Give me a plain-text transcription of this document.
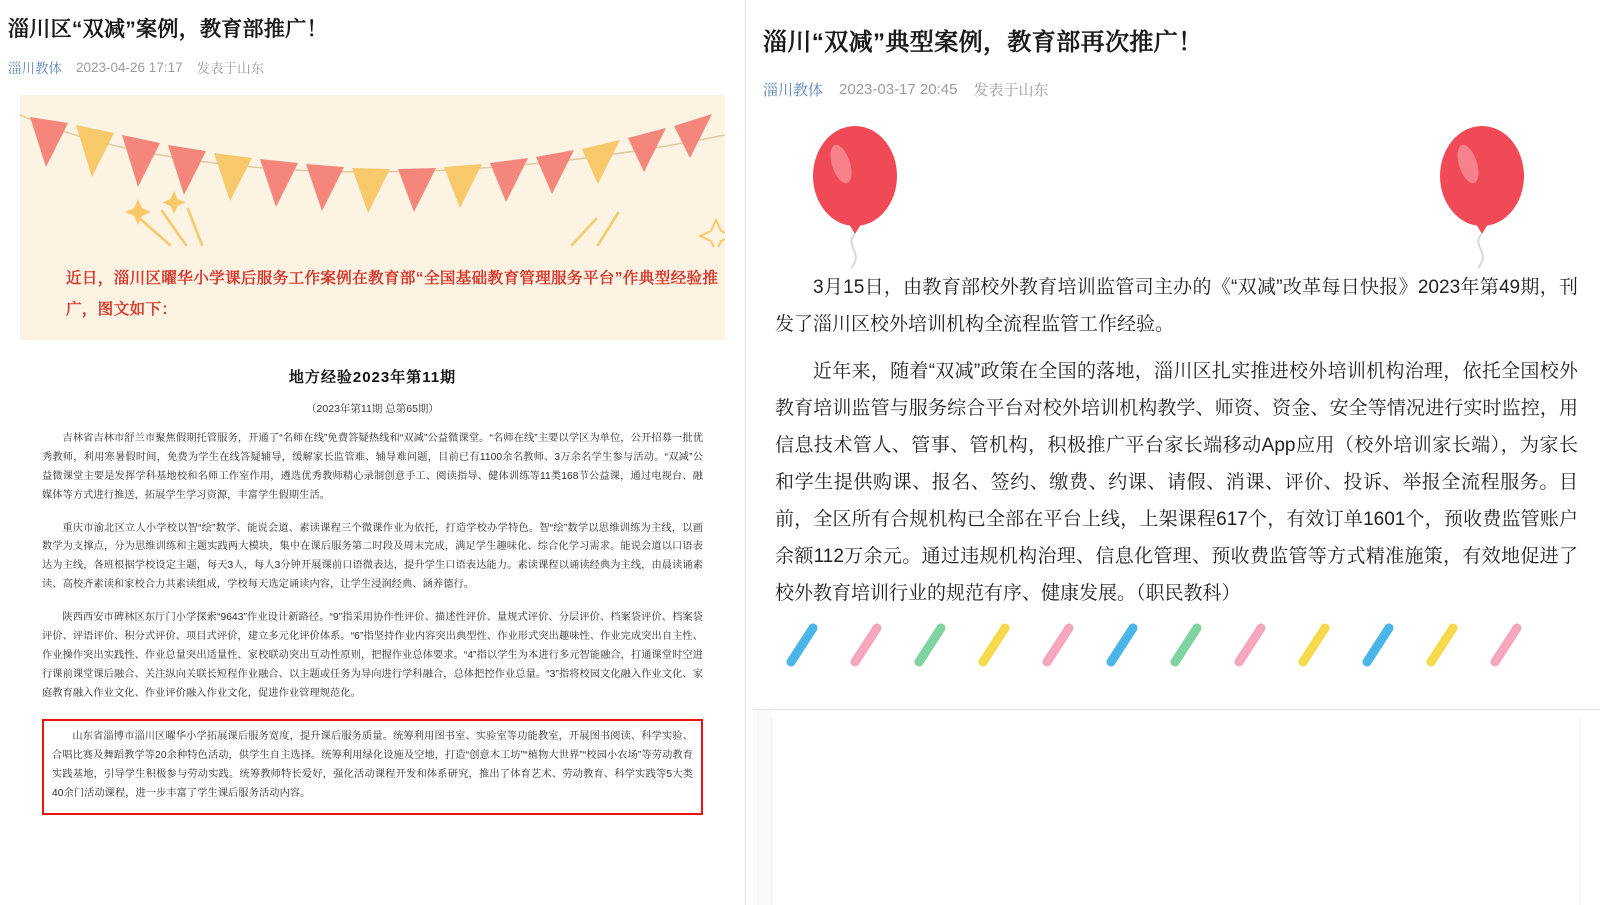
淄川区“双减”案例，教育部推广！
淄川教体 2023-04-26 17:17 发表于山东
近日，淄川区曜华小学课后服务工作案例在教育部“全国基础教育管理服务平台”作典型经验推广，图文如下：
地方经验2023年第11期
（2023年第11期 总第65期）
吉林省吉林市舒兰市聚焦假期托管服务，开通了“名师在线”免费答疑热线和“双减”公益微课堂。“名师在线”主要以学区为单位，公开招募一批优秀教师，利用寒暑假时间，免费为学生在线答疑辅导，缓解家长监管难、辅导难问题，目前已有1100余名教师、3万余名学生参与活动。“双减”公益微课堂主要是发挥学科基地校和名师工作室作用，遴选优秀教师精心录制创意手工、阅读指导、健体训练等11类168节公益课，通过电视台、融媒体等方式进行推送，拓展学生学习资源，丰富学生假期生活。
重庆市渝北区立人小学校以智“绘”数学、能说会道、素读课程三个微课作业为依托，打造学校办学特色。智“绘”数学以思维训练为主线，以画数学为支撑点，分为思维训练和主题实践两大模块，集中在课后服务第二时段及周末完成，满足学生趣味化、综合化学习需求。能说会道以口语表达为主线，各班根据学校设定主题，每天3人，每人3分钟开展课前口语微表达，提升学生口语表达能力。素读课程以诵读经典为主线，由晨读诵素读、高校齐素读和家校合力共素读组成，学校每天选定诵读内容，让学生浸润经典、涵养德行。
陕西西安市碑林区东厅门小学探索“9643”作业设计新路径。“9”指采用协作性评价、描述性评价、量规式评价、分层评价、档案袋评价、档案袋评价、评语评价、积分式评价、项目式评价，建立多元化评价体系。“6”指坚持作业内容突出典型性、作业形式突出趣味性、作业完成突出自主性、作业操作突出实践性、作业总量突出适量性、家校联动突出互动性原则，把握作业总体要求。“4”指以学生为本进行多元智能融合，打通课堂时空进行课前课堂课后融合、关注纵向关联长短程作业融合、以主题或任务为导向进行学科融合，总体把控作业总量。“3”指将校园文化融入作业文化、家庭教育融入作业文化、作业评价融入作业文化，促进作业管理规范化。
山东省淄博市淄川区曜华小学拓展课后服务宽度，提升课后服务质量。统筹利用图书室、实验室等功能教室，开展图书阅读、科学实验、合唱比赛及舞蹈教学等20余种特色活动，供学生自主选择。统筹利用绿化设施及空地，打造“创意木工坊”“植物大世界”“校园小农场”等劳动教育实践基地，引导学生积极参与劳动实践。统筹教师特长爱好，强化活动课程开发和体系研究，推出了体育艺术、劳动教育、科学实践等5大类40余门活动课程，进一步丰富了学生课后服务活动内容。
淄川“双减”典型案例，教育部再次推广！
淄川教体 2023-03-17 20:45 发表于山东

3月15日，由教育部校外教育培训监管司主办的《“双减”改革每日快报》2023年第49期，刊发了淄川区校外培训机构全流程监管工作经验。

近年来，随着“双减”政策在全国的落地，淄川区扎实推进校外培训机构治理，依托全国校外教育培训监管与服务综合平台对校外培训机构教学、师资、资金、安全等情况进行实时监控，用信息技术管人、管事、管机构，积极推广平台家长端移动App应用（校外培训家长端），为家长和学生提供购课、报名、签约、缴费、约课、请假、消课、评价、投诉、举报全流程服务。目前，全区所有合规机构已全部在平台上线，上架课程617个，有效订单1601个，预收费监管账户余额112万余元。通过违规机构治理、信息化管理、预收费监管等方式精准施策，有效地促进了校外教育培训行业的规范有序、健康发展。（职民教科）
